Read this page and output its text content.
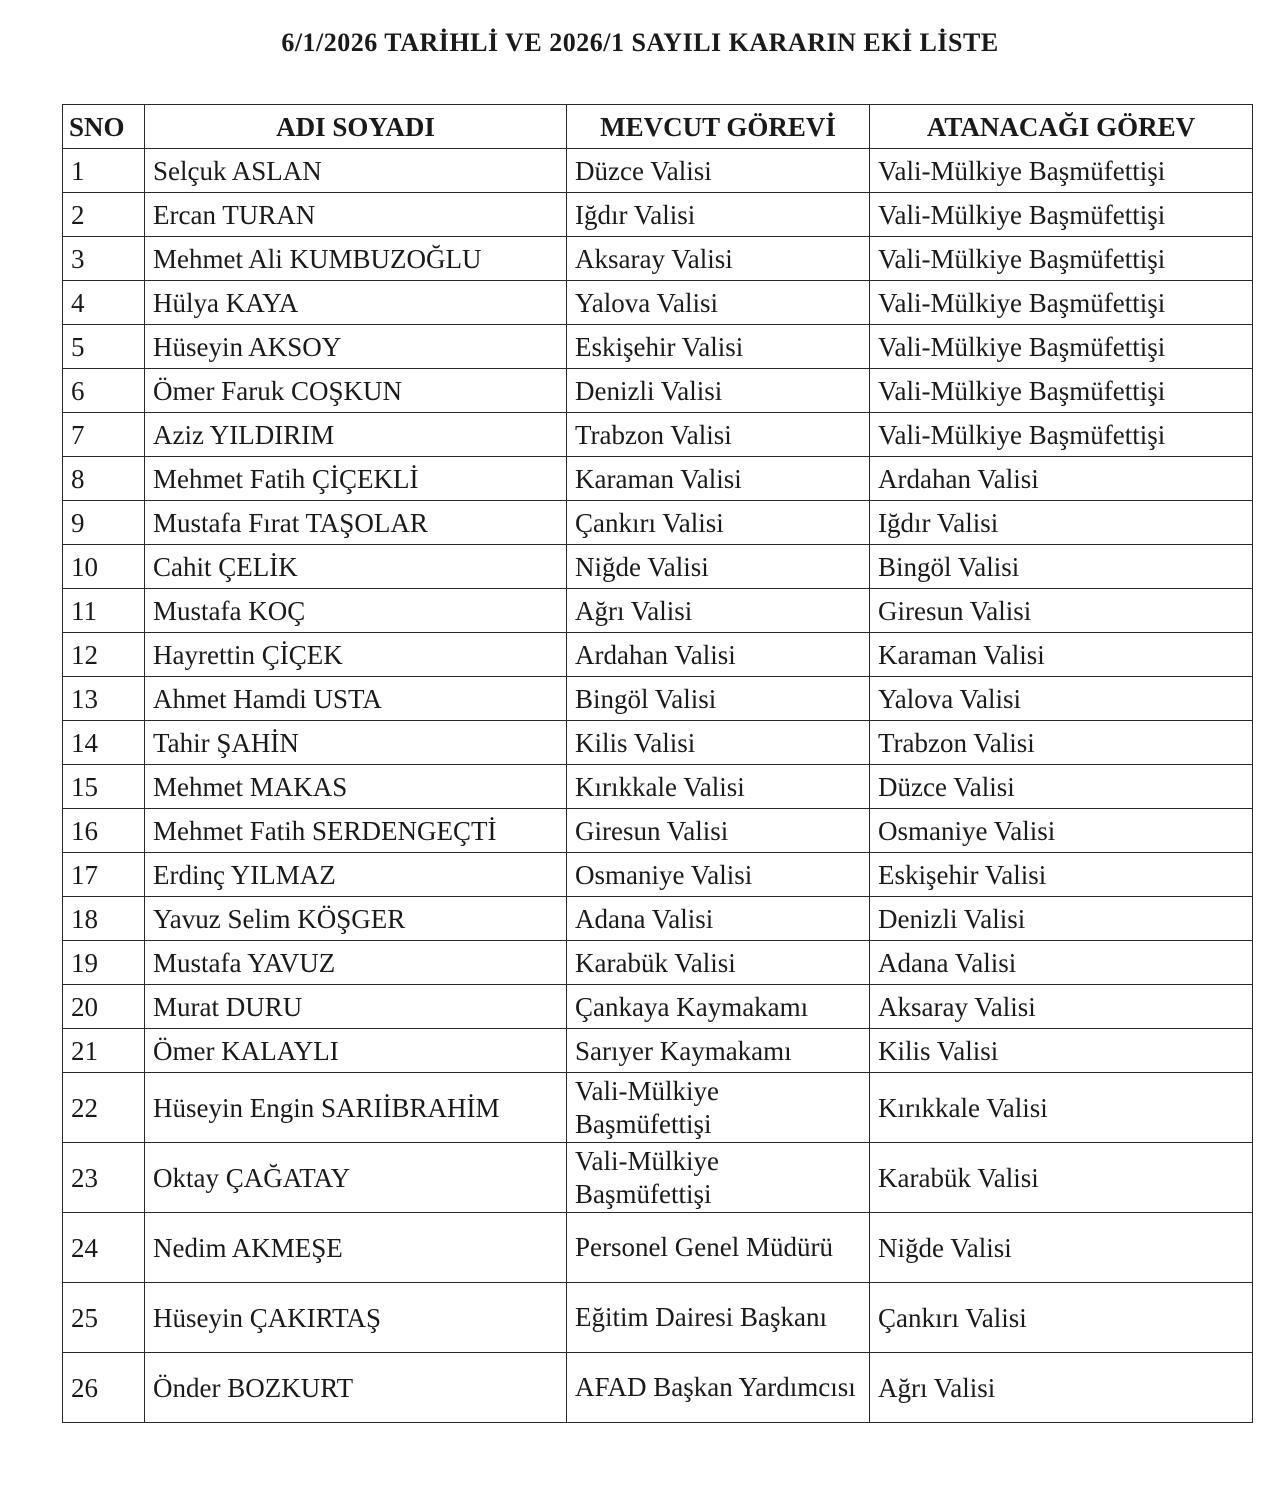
6/1/2026 TARİHLİ VE 2026/1 SAYILI KARARIN EKİ LİSTE
SNO	ADI SOYADI	MEVCUT GÖREVİ	ATANACAĞI GÖREV
1	Selçuk ASLAN	Düzce Valisi	Vali-Mülkiye Başmüfettişi
2	Ercan TURAN	Iğdır Valisi	Vali-Mülkiye Başmüfettişi
3	Mehmet Ali KUMBUZOĞLU	Aksaray Valisi	Vali-Mülkiye Başmüfettişi
4	Hülya KAYA	Yalova Valisi	Vali-Mülkiye Başmüfettişi
5	Hüseyin AKSOY	Eskişehir Valisi	Vali-Mülkiye Başmüfettişi
6	Ömer Faruk COŞKUN	Denizli Valisi	Vali-Mülkiye Başmüfettişi
7	Aziz YILDIRIM	Trabzon Valisi	Vali-Mülkiye Başmüfettişi
8	Mehmet Fatih ÇİÇEKLİ	Karaman Valisi	Ardahan Valisi
9	Mustafa Fırat TAŞOLAR	Çankırı Valisi	Iğdır Valisi
10	Cahit ÇELİK	Niğde Valisi	Bingöl Valisi
11	Mustafa KOÇ	Ağrı Valisi	Giresun Valisi
12	Hayrettin ÇİÇEK	Ardahan Valisi	Karaman Valisi
13	Ahmet Hamdi USTA	Bingöl Valisi	Yalova Valisi
14	Tahir ŞAHİN	Kilis Valisi	Trabzon Valisi
15	Mehmet MAKAS	Kırıkkale Valisi	Düzce Valisi
16	Mehmet Fatih SERDENGEÇTİ	Giresun Valisi	Osmaniye Valisi
17	Erdinç YILMAZ	Osmaniye Valisi	Eskişehir Valisi
18	Yavuz Selim KÖŞGER	Adana Valisi	Denizli Valisi
19	Mustafa YAVUZ	Karabük Valisi	Adana Valisi
20	Murat DURU	Çankaya Kaymakamı	Aksaray Valisi
21	Ömer KALAYLI	Sarıyer Kaymakamı	Kilis Valisi
22	Hüseyin Engin SARIİBRAHİM	Vali-Mülkiye Başmüfettişi	Kırıkkale Valisi
23	Oktay ÇAĞATAY	Vali-Mülkiye Başmüfettişi	Karabük Valisi
24	Nedim AKMEŞE	Personel Genel Müdürü	Niğde Valisi
25	Hüseyin ÇAKIRTAŞ	Eğitim Dairesi Başkanı	Çankırı Valisi
26	Önder BOZKURT	AFAD Başkan Yardımcısı	Ağrı Valisi
